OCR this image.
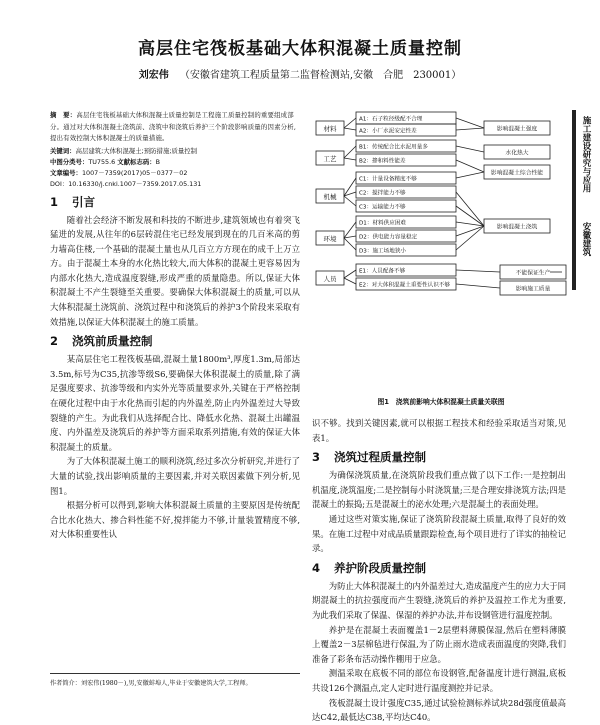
高层住宅筏板基础大体积混凝土质量控制
刘宏伟 （安徽省建筑工程质量第二监督检测站,安徽　合肥　230001）
摘　要：高层住宅筏板基础大体积混凝土质量控制是工程施工质量控制的重要组成部分。通过对大体积混凝土浇筑前、浇筑中和浇筑后养护三个阶段影响质量的因素分析,提出有效控制大体积混凝土的质量措施。
关键词：高层建筑;大体积混凝土;预防措施;质量控制
中图分类号：TU755.6 文献标志码：B
文章编号：1007－7359(2017)05－0377－02
DOI：10.16330/j.cnki.1007－7359.2017.05.131
1 引言

随着社会经济不断发展和科技的不断进步,建筑领域也有着突飞猛进的发展,从往年的6层砖混住宅已经发展到现在的几百米高的剪力墙高住楼,一个基础的混凝土量也从几百立方方现在的成千上万立方。由于混凝土本身的水化热比较大,而大体积的混凝土更容易因为内部水化热大,造成温度裂缝,形成严重的质量隐患。所以,保证大体积混凝土不产生裂缝至关重要。要确保大体积混凝土的质量,可以从大体积混凝土浇筑前、浇筑过程中和浇筑后的养护3个阶段来采取有效措施,以保证大体积混凝土的施工质量。

2 浇筑前质量控制

某高层住宅工程筏板基础,混凝土量1800m³,厚度1.3m,局部达3.5m,标号为C35,抗渗等级S6,要确保大体积混凝土的质量,除了满足强度要求、抗渗等级和内实外光等质量要求外,关键在于严格控制在硬化过程中由于水化热而引起的内外温差,防止内外温差过大导致裂缝的产生。为此我们从选择配合比、降低水化热、混凝土出罐温度、内外温差及浇筑后的养护等方面采取系列措施,有效的保证大体积混凝土的质量。

为了大体积混凝土施工的顺利浇筑,经过多次分析研究,并进行了大量的试验,找出影响质量的主要因素,并对关联因素做下列分析,见图1。

根据分析可以得到,影响大体积混凝土质量的主要原因是传统配合比水化热大、掺合料性能不好,搅拌能力不够,计量装置精度不够,对大体积重要性认

作者简介：刘宏伟(1980－),男,安徽蚌埠人,毕业于安徽建筑大学,工程师。
材料
工艺
机械
环境
人员
A1：石子粒径级配不合理
A2：小厂水泥安定性差
B1：传统配合比水泥用量多
B2：掺和料性能差
C1：计量设备精度不够
C2：搅拌能力不够
C3：运输能力不够
D1：材料供应困难
D2：供电能力容量稳定
D3：施工场地狭小
E1：人员配备不够
E2：对大体积混凝土重要性认识不够
影响混凝土强度
水化热大
影响混凝土综合性能
影响混凝土浇筑
不能保证生产
影响施工质量
图1　浇筑前影响大体积混凝土质量关联图

识不够。找到关键因素,就可以根据工程技术和经验采取适当对策,见表1。

3 浇筑过程质量控制

为确保浇筑质量,在浇筑阶段我们重点做了以下工作:一是控制出机温度,浇筑温度;二是控制每小时浇筑量;三是合理安排浇筑方法;四是混凝土的振捣;五是混凝土的泌水处理;六是混凝土的表面处理。

通过这些对策实施,保证了浇筑阶段混凝土质量,取得了良好的效果。在施工过程中对成品质量跟踪检查,每个项目进行了详实的抽检记录。

4 养护阶段质量控制

为防止大体积混凝土的内外温差过大,造成温度产生的应力大于同期混凝土的抗拉强度而产生裂缝,浇筑后的养护及温控工作尤为重要,为此我们采取了保温、保湿的养护办法,并布设钢管进行温度控制。

养护是在混凝土表面覆盖1－2层塑料薄膜保湿,然后在塑料薄膜上覆盖2－3层棉毡进行保温,为了防止雨水造成表面温度的突降,我们准备了彩条布活动操作棚用于应急。

测温采取在底板不同的部位布设钢管,配备温度计进行测温,底板共设126个测温点,定人定时进行温度测控并记录。

筏板混凝土设计强度C35,通过试验检测标养试块28d强度值最高达C42,最低达C38,平均达C40。

施工建设研究与应用
安徽建筑
